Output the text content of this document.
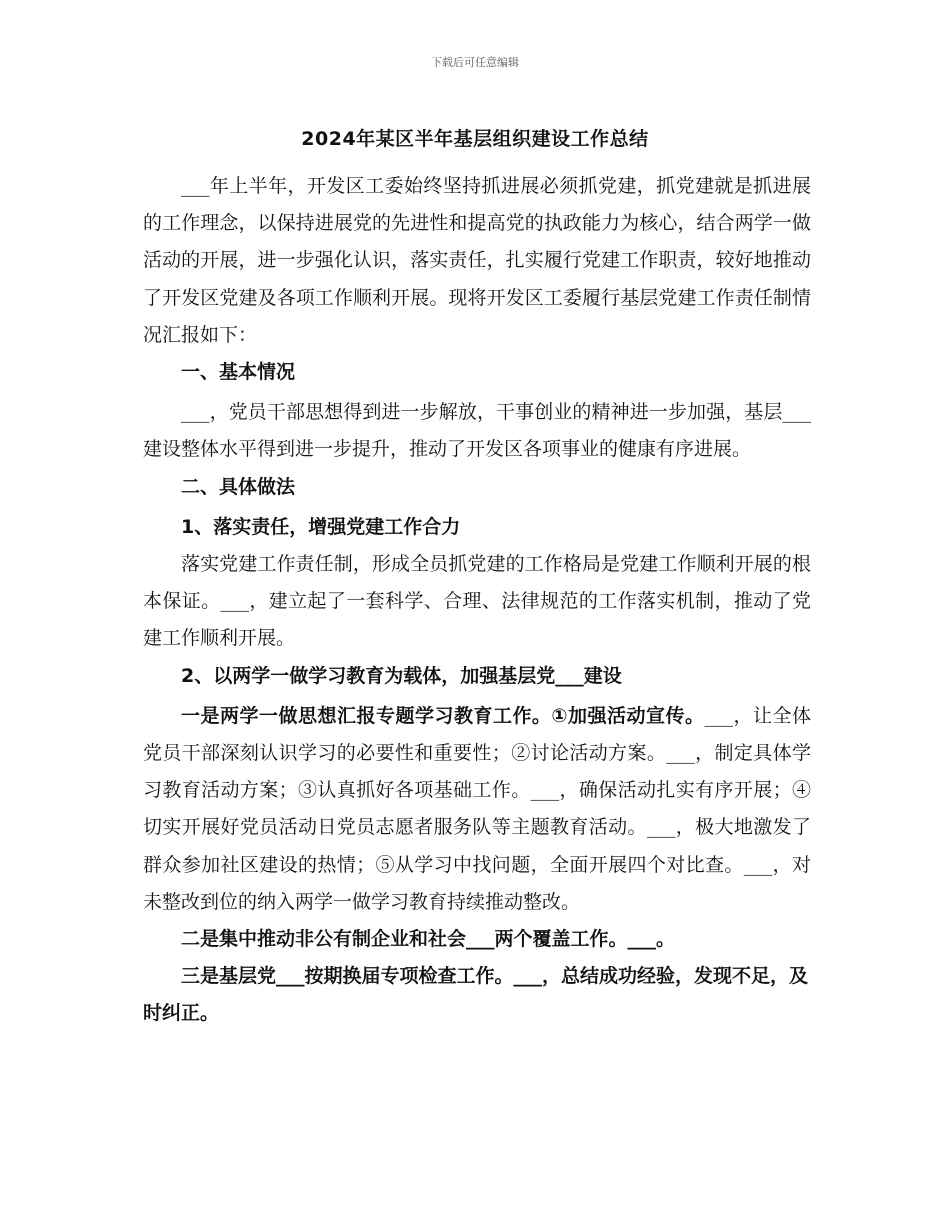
下载后可任意编辑
2024年某区半年基层组织建设工作总结

___年上半年，开发区工委始终坚持抓进展必须抓党建，抓党建就是抓进展的工作理念，以保持进展党的先进性和提高党的执政能力为核心，结合两学一做活动的开展，进一步强化认识，落实责任，扎实履行党建工作职责，较好地推动了开发区党建及各项工作顺利开展。现将开发区工委履行基层党建工作责任制情况汇报如下：

一、基本情况

___，党员干部思想得到进一步解放，干事创业的精神进一步加强，基层___建设整体水平得到进一步提升，推动了开发区各项事业的健康有序进展。

二、具体做法

1、落实责任，增强党建工作合力

落实党建工作责任制，形成全员抓党建的工作格局是党建工作顺利开展的根本保证。___，建立起了一套科学、合理、法律规范的工作落实机制，推动了党建工作顺利开展。

2、以两学一做学习教育为载体，加强基层党___建设

一是两学一做思想汇报专题学习教育工作。①加强活动宣传。___，让全体党员干部深刻认识学习的必要性和重要性；②讨论活动方案。___，制定具体学习教育活动方案；③认真抓好各项基础工作。___，确保活动扎实有序开展；④切实开展好党员活动日党员志愿者服务队等主题教育活动。___，极大地激发了群众参加社区建设的热情；⑤从学习中找问题，全面开展四个对比查。___，对未整改到位的纳入两学一做学习教育持续推动整改。

二是集中推动非公有制企业和社会___两个覆盖工作。___。

三是基层党___按期换届专项检查工作。___，总结成功经验，发现不足，及时纠正。
